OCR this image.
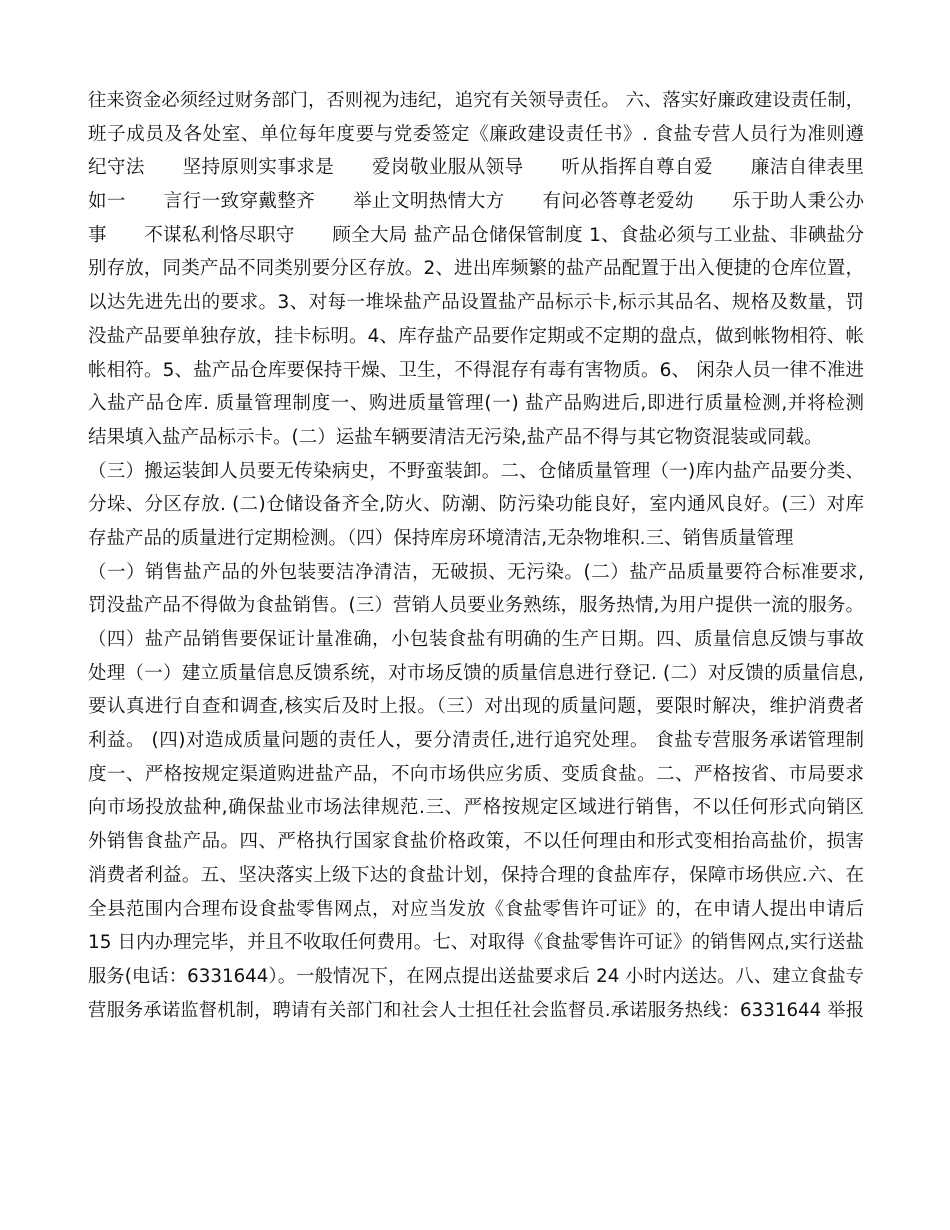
往来资金必须经过财务部门，否则视为违纪，追究有关领导责任。 六、落实好廉政建设责任制，
班子成员及各处室、单位每年度要与党委签定《廉政建设责任书》. 食盐专营人员行为准则遵
纪守法　　坚持原则实事求是　　爱岗敬业服从领导　　听从指挥自尊自爱　　廉洁自律表里
如一　　言行一致穿戴整齐　　举止文明热情大方　　有问必答尊老爱幼　　乐于助人秉公办
事　　不谋私利恪尽职守　　顾全大局 盐产品仓储保管制度 1、食盐必须与工业盐、非碘盐分
别存放，同类产品不同类别要分区存放。2、进出库频繁的盐产品配置于出入便捷的仓库位置，
以达先进先出的要求。3、对每一堆垛盐产品设置盐产品标示卡,标示其品名、规格及数量，罚
没盐产品要单独存放，挂卡标明。4、库存盐产品要作定期或不定期的盘点，做到帐物相符、帐
帐相符。5、盐产品仓库要保持干燥、卫生，不得混存有毒有害物质。6、 闲杂人员一律不准进
入盐产品仓库. 质量管理制度一、购进质量管理(一) 盐产品购进后,即进行质量检测,并将检测
结果填入盐产品标示卡。(二）运盐车辆要清洁无污染,盐产品不得与其它物资混装或同载。
（三）搬运装卸人员要无传染病史，不野蛮装卸。二、仓储质量管理（一)库内盐产品要分类、
分垛、分区存放. (二)仓储设备齐全,防火、防潮、防污染功能良好，室内通风良好。(三）对库
存盐产品的质量进行定期检测。（四）保持库房环境清洁,无杂物堆积.三、销售质量管理
（一）销售盐产品的外包装要洁净清洁，无破损、无污染。(二）盐产品质量要符合标准要求,
罚没盐产品不得做为食盐销售。(三）营销人员要业务熟练，服务热情,为用户提供一流的服务。
（四）盐产品销售要保证计量准确，小包装食盐有明确的生产日期。四、质量信息反馈与事故
处理（一）建立质量信息反馈系统，对市场反馈的质量信息进行登记. (二）对反馈的质量信息,
要认真进行自查和调查,核实后及时上报。（三）对出现的质量问题，要限时解决，维护消费者
利益。 (四)对造成质量问题的责任人，要分清责任,进行追究处理。 食盐专营服务承诺管理制
度一、严格按规定渠道购进盐产品，不向市场供应劣质、变质食盐。二、严格按省、市局要求
向市场投放盐种,确保盐业市场法律规范.三、严格按规定区域进行销售，不以任何形式向销区
外销售食盐产品。四、严格执行国家食盐价格政策，不以任何理由和形式变相抬高盐价，损害
消费者利益。五、坚决落实上级下达的食盐计划，保持合理的食盐库存，保障市场供应.六、在
全县范围内合理布设食盐零售网点，对应当发放《食盐零售许可证》的，在申请人提出申请后
15 日内办理完毕，并且不收取任何费用。七、对取得《食盐零售许可证》的销售网点,实行送盐
服务(电话：6331644）。一般情况下，在网点提出送盐要求后 24 小时内送达。八、建立食盐专
营服务承诺监督机制，聘请有关部门和社会人士担任社会监督员.承诺服务热线：6331644 举报
